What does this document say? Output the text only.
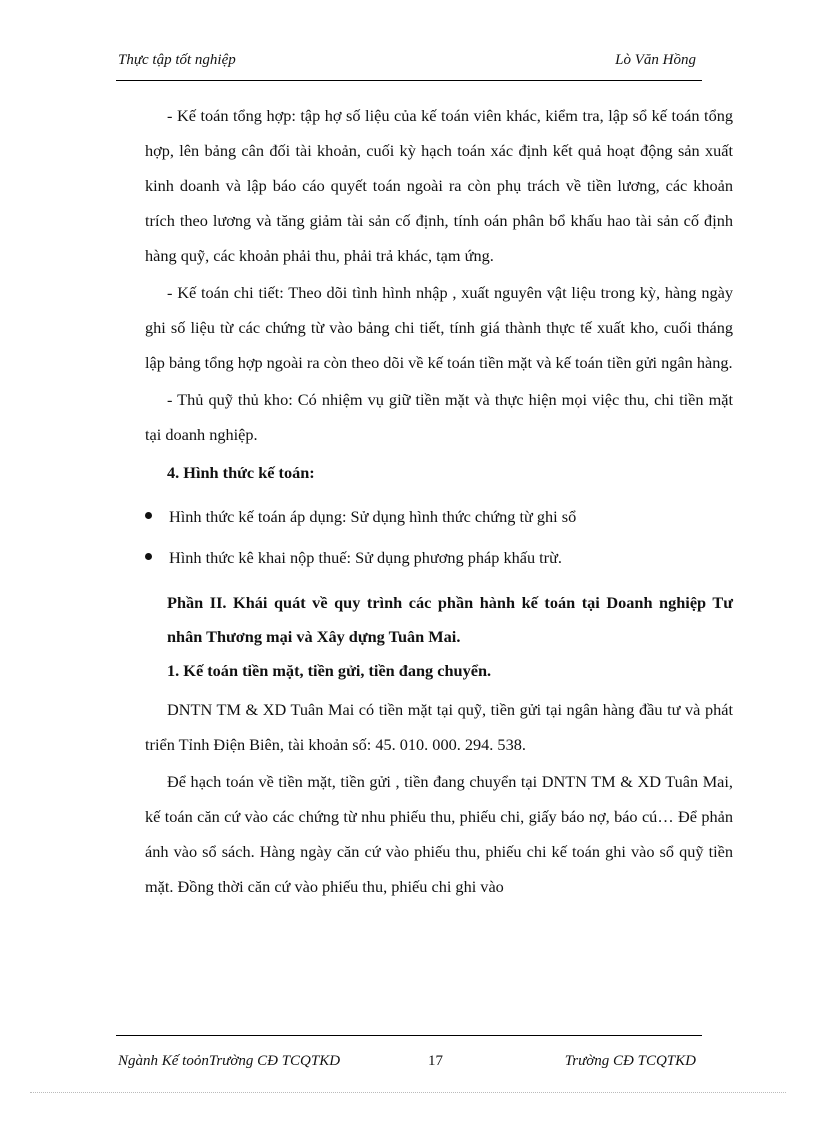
Thực tập tốt nghiệp	Lò Văn Hồng

- Kế toán tổng hợp: tập hợ số liệu của kế toán viên khác, kiểm tra, lập sổ kế toán tổng hợp, lên bảng cân đối tài khoản, cuối kỳ hạch toán xác định kết quả hoạt động sản xuất kinh doanh và lập báo cáo quyết toán ngoài ra còn phụ trách về tiền lương, các khoản trích theo lương và tăng giảm tài sản cố định, tính oán phân bổ khấu hao tài sản cố định hàng quỹ, các khoản phải thu, phải trả khác, tạm ứng.

- Kế toán chi tiết: Theo dõi tình hình nhập , xuất nguyên vật liệu trong kỳ, hàng ngày ghi số liệu từ các chứng từ vào bảng chi tiết, tính giá thành thực tế xuất kho, cuối tháng lập bảng tổng hợp ngoài ra còn theo dõi về kế toán tiền mặt và kế toán tiền gửi ngân hàng.

- Thủ quỹ thủ kho: Có nhiệm vụ giữ tiền mặt và thực hiện mọi việc thu, chi tiền mặt tại doanh nghiệp.

4. Hình thức kế toán:
Hình thức kế toán áp dụng: Sử dụng hình thức chứng từ ghi sổ
Hình thức kê khai nộp thuế: Sử dụng phương pháp khấu trừ.
Phần II. Khái quát về quy trình các phần hành kế toán tại Doanh nghiệp Tư nhân Thương mại và Xây dựng Tuân Mai.
1. Kế toán tiền mặt, tiền gửi, tiền đang chuyển.

DNTN TM & XD Tuân Mai có tiền mặt tại quỹ, tiền gửi tại ngân hàng đầu tư và phát triển Tỉnh Điện Biên, tài khoản số: 45. 010. 000. 294. 538.

Để hạch toán về tiền mặt, tiền gửi , tiền đang chuyển tại DNTN TM & XD Tuân Mai, kế toán căn cứ vào các chứng từ nhu phiếu thu, phiếu chi, giấy báo nợ, báo cú… Để phản ánh vào sổ sách. Hàng ngày căn cứ vào phiếu thu, phiếu chi kế toán ghi vào sổ quỹ tiền mặt. Đồng thời căn cứ vào phiếu thu, phiếu chi ghi vào

Ngành Kế toỏnTrường CĐ TCQTKD	17	Trường CĐ TCQTKD
